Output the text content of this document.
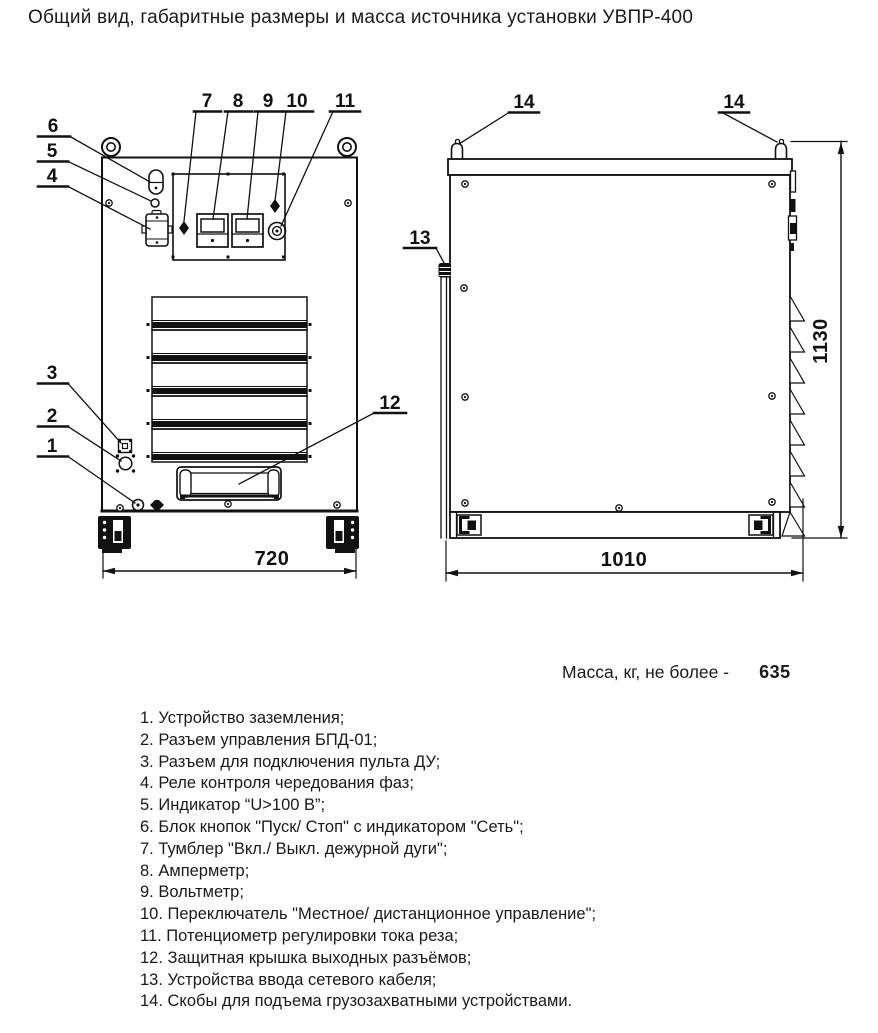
Общий вид, габаритные размеры и масса источника установки УВПР-400
720	1010
1130
6
5
4
3
2
1
7 8 9 10 11
12
13
14	14
Масса, кг, не более - 635
1. Устройство заземления;
2. Разъем управления БПД-01;
3. Разъем для подключения пульта ДУ;
4. Реле контроля чередования фаз;
5. Индикатор “U>100 В”;
6. Блок кнопок "Пуск/ Стоп" с индикатором "Сеть";
7. Тумблер "Вкл./ Выкл. дежурной дуги";
8. Амперметр;
9. Вольтметр;
10. Переключатель "Местное/ дистанционное управление";
11. Потенциометр регулировки тока реза;
12. Защитная крышка выходных разъёмов;
13. Устройства ввода сетевого кабеля;
14. Скобы для подъема грузозахватными устройствами.
